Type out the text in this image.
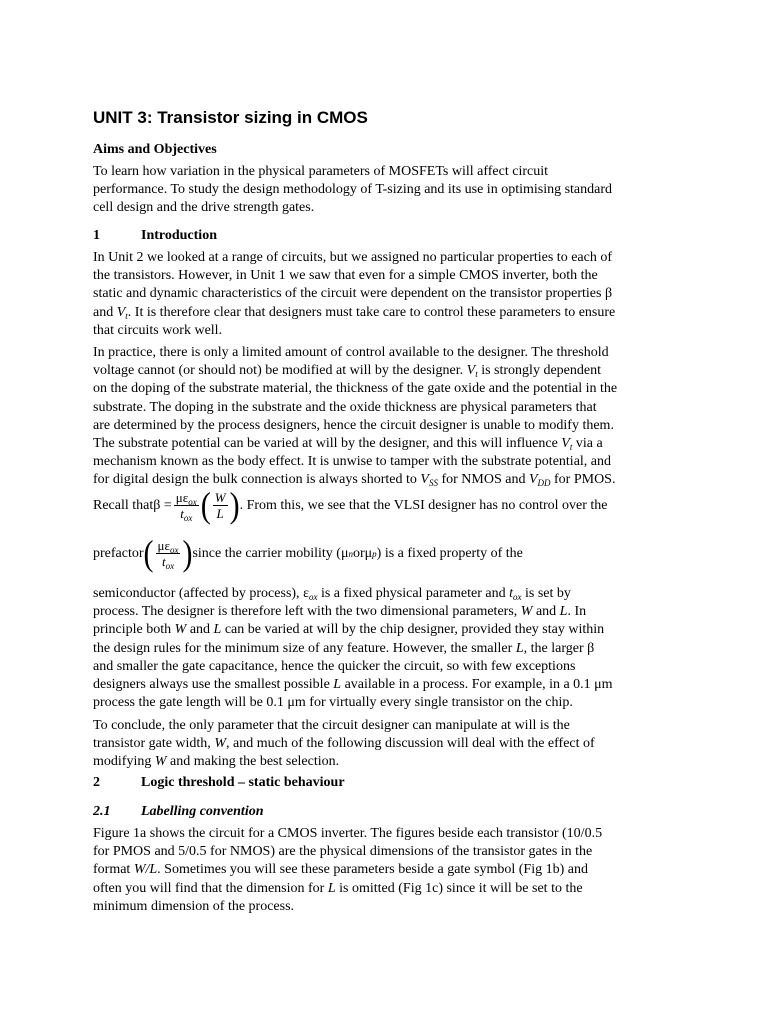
UNIT 3: Transistor sizing in CMOS
Aims and Objectives
To learn how variation in the physical parameters of MOSFETs will affect circuit
performance. To study the design methodology of T-sizing and its use in optimising standard
cell design and the drive strength gates.
1	Introduction
In Unit 2 we looked at a range of circuits, but we assigned no particular properties to each of
the transistors. However, in Unit 1 we saw that even for a simple CMOS inverter, both the
static and dynamic characteristics of the circuit were dependent on the transistor properties β
and $V_t$. It is therefore clear that designers must take care to control these parameters to ensure
that circuits work well.
In practice, there is only a limited amount of control available to the designer. The threshold
voltage cannot (or should not) be modified at will by the designer. $V_t$ is strongly dependent
on the doping of the substrate material, the thickness of the gate oxide and the potential in the
substrate. The doping in the substrate and the oxide thickness are physical parameters that
are determined by the process designers, hence the circuit designer is unable to modify them.
The substrate potential can be varied at will by the designer, and this will influence $V_t$ via a
mechanism known as the body effect. It is unwise to tamper with the substrate potential, and
for digital design the bulk connection is always shorted to $V_{SS}$ for NMOS and $V_{DD}$ for PMOS.
Recall that $\beta = \frac{\mu\varepsilon_{ox}}{t_{ox}}$ ( $\frac{W}{L}$ ) . From this, we see that the VLSI designer has no control over the
prefactor ( $\frac{\mu\varepsilon_{ox}}{t_{ox}}$ ) since the carrier mobility ( μ n or μ p ) is a fixed property of the
semiconductor (affected by process), $\varepsilon_{ox}$ is a fixed physical parameter and $t_{ox}$ is set by
process. The designer is therefore left with the two dimensional parameters, W and L. In
principle both W and L can be varied at will by the chip designer, provided they stay within
the design rules for the minimum size of any feature. However, the smaller L, the larger β
and smaller the gate capacitance, hence the quicker the circuit, so with few exceptions
designers always use the smallest possible L available in a process. For example, in a 0.1 μm
process the gate length will be 0.1 μm for virtually every single transistor on the chip.
To conclude, the only parameter that the circuit designer can manipulate at will is the
transistor gate width, W, and much of the following discussion will deal with the effect of
modifying W and making the best selection.
2	Logic threshold – static behaviour
2.1 Labelling convention
Figure 1a shows the circuit for a CMOS inverter. The figures beside each transistor (10/0.5
for PMOS and 5/0.5 for NMOS) are the physical dimensions of the transistor gates in the
format W/L. Sometimes you will see these parameters beside a gate symbol (Fig 1b) and
often you will find that the dimension for L is omitted (Fig 1c) since it will be set to the
minimum dimension of the process.
